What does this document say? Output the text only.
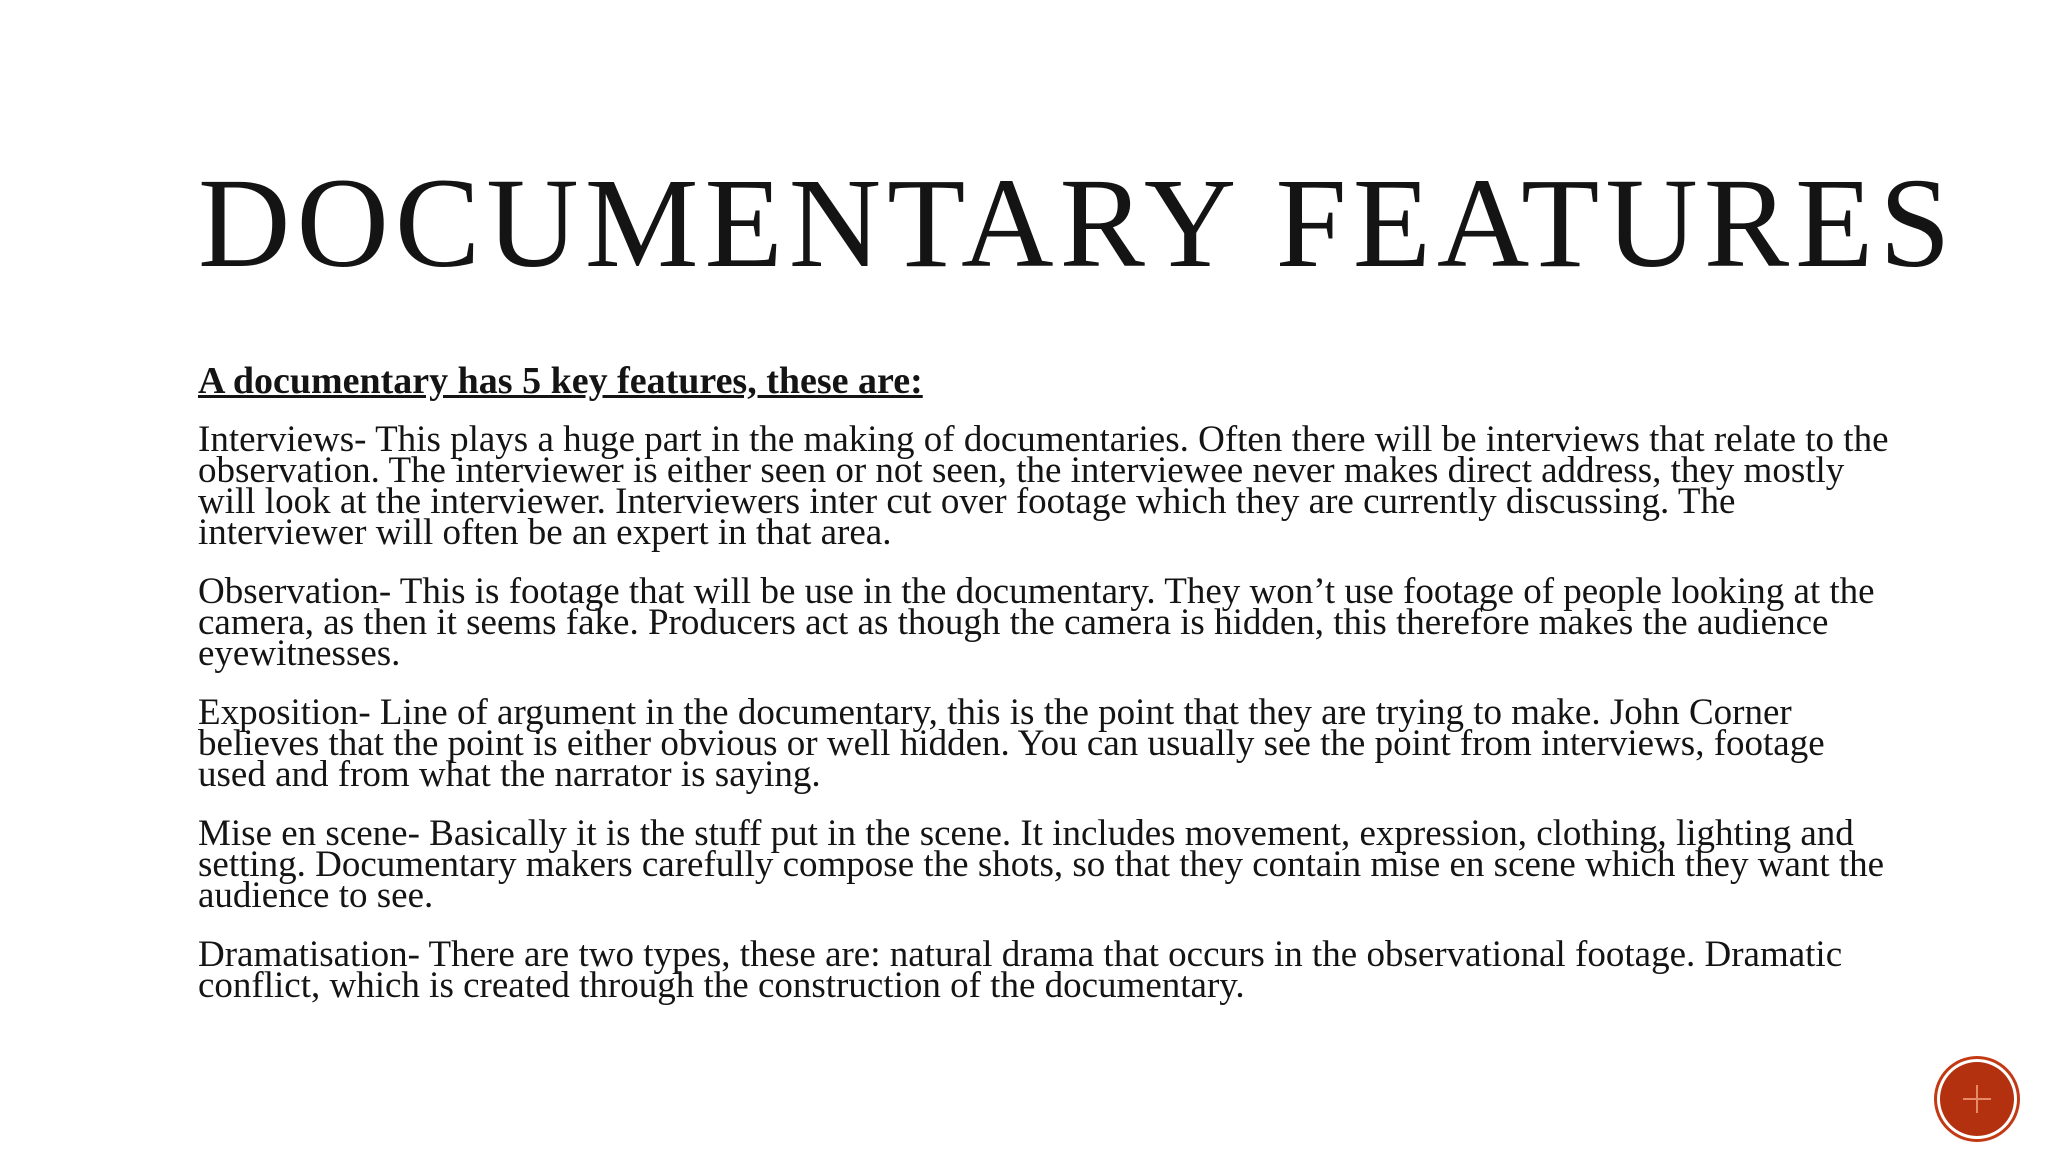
DOCUMENTARY FEATURES

A documentary has 5 key features, these are:

Interviews- This plays a huge part in the making of documentaries. Often there will be interviews that relate to the observation. The interviewer is either seen or not seen, the interviewee never makes direct address, they mostly will look at the interviewer. Interviewers inter cut over footage which they are currently discussing. The interviewer will often be an expert in that area.

Observation- This is footage that will be use in the documentary. They won’t use footage of people looking at the camera, as then it seems fake. Producers act as though the camera is hidden, this therefore makes the audience eyewitnesses.

Exposition- Line of argument in the documentary, this is the point that they are trying to make. John Corner believes that the point is either obvious or well hidden. You can usually see the point from interviews, footage used and from what the narrator is saying.

Mise en scene- Basically it is the stuff put in the scene. It includes movement, expression, clothing, lighting and setting. Documentary makers carefully compose the shots, so that they contain mise en scene which they want the audience to see.

Dramatisation- There are two types, these are: natural drama that occurs in the observational footage. Dramatic conflict, which is created through the construction of the documentary.
